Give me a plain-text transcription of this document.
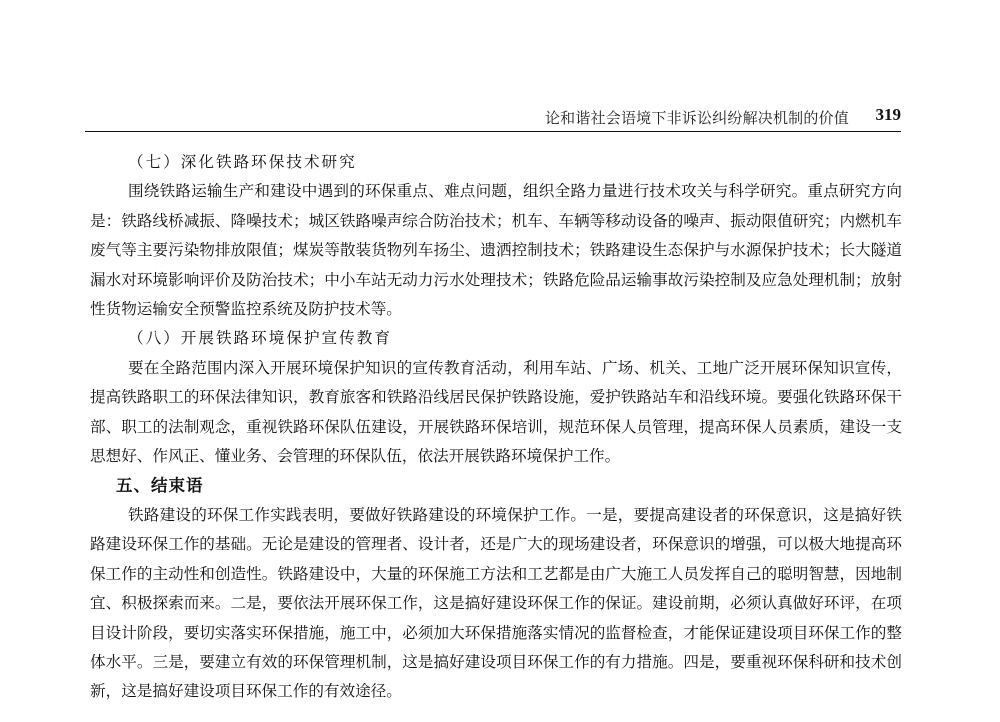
论和谐社会语境下非诉讼纠纷解决机制的价值 319
（七）深化铁路环保技术研究

围绕铁路运输生产和建设中遇到的环保重点、难点问题，组织全路力量进行技术攻关与科学研究。重点研究方向是：铁路线桥减振、降噪技术；城区铁路噪声综合防治技术；机车、车辆等移动设备的噪声、振动限值研究；内燃机车废气等主要污染物排放限值；煤炭等散装货物列车扬尘、遗洒控制技术；铁路建设生态保护与水源保护技术；长大隧道漏水对环境影响评价及防治技术；中小车站无动力污水处理技术；铁路危险品运输事故污染控制及应急处理机制；放射性货物运输安全预警监控系统及防护技术等。

（八）开展铁路环境保护宣传教育

要在全路范围内深入开展环境保护知识的宣传教育活动，利用车站、广场、机关、工地广泛开展环保知识宣传，提高铁路职工的环保法律知识，教育旅客和铁路沿线居民保护铁路设施，爱护铁路站车和沿线环境。要强化铁路环保干部、职工的法制观念，重视铁路环保队伍建设，开展铁路环保培训，规范环保人员管理，提高环保人员素质，建设一支思想好、作风正、懂业务、会管理的环保队伍，依法开展铁路环境保护工作。

五、结束语

铁路建设的环保工作实践表明，要做好铁路建设的环境保护工作。一是，要提高建设者的环保意识，这是搞好铁路建设环保工作的基础。无论是建设的管理者、设计者，还是广大的现场建设者，环保意识的增强，可以极大地提高环保工作的主动性和创造性。铁路建设中，大量的环保施工方法和工艺都是由广大施工人员发挥自己的聪明智慧，因地制宜、积极探索而来。二是，要依法开展环保工作，这是搞好建设环保工作的保证。建设前期，必须认真做好环评，在项目设计阶段，要切实落实环保措施，施工中，必须加大环保措施落实情况的监督检查，才能保证建设项目环保工作的整体水平。三是，要建立有效的环保管理机制，这是搞好建设项目环保工作的有力措施。四是，要重视环保科研和技术创新，这是搞好建设项目环保工作的有效途径。
